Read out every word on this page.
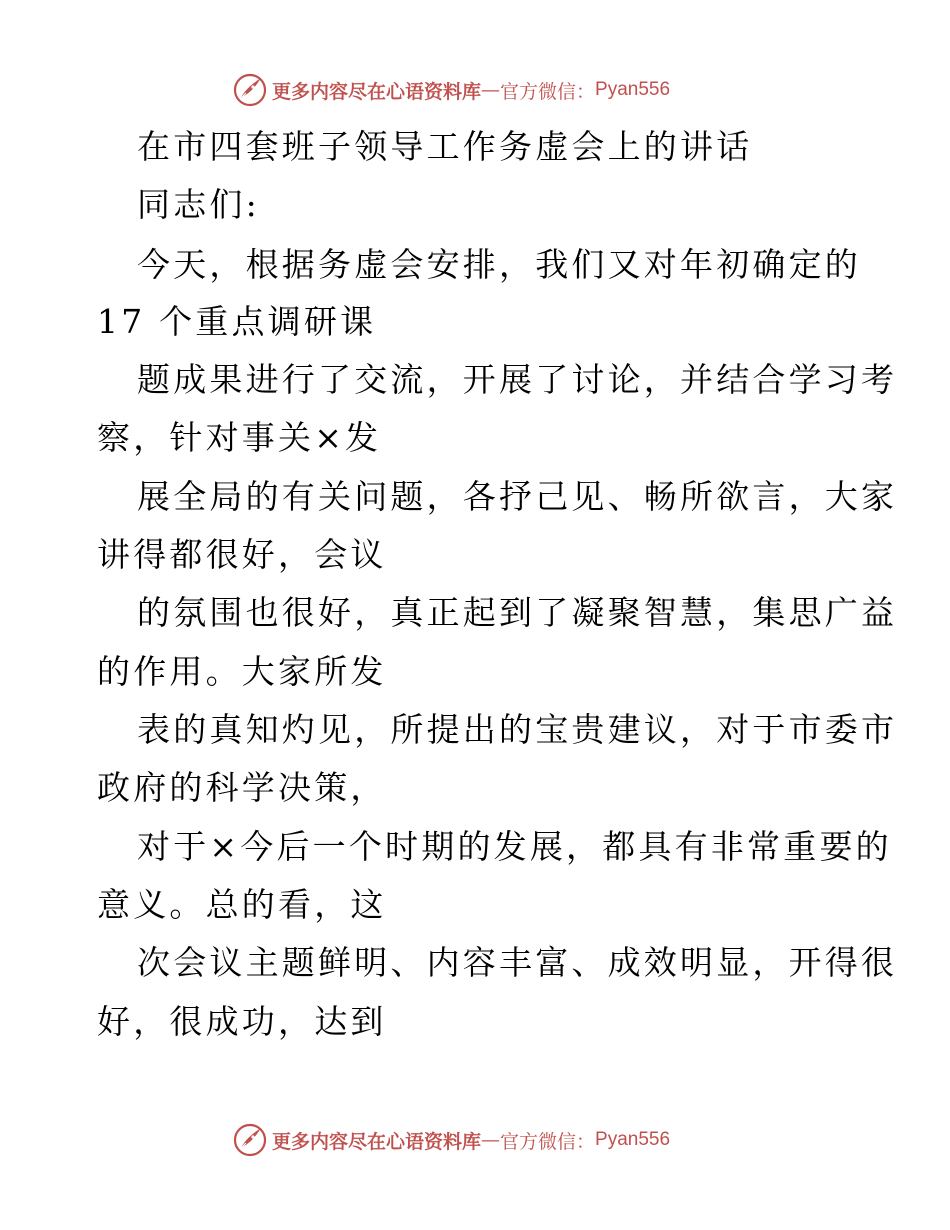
更多内容尽在心语资料库 — 官方微信： Pyan556
在市四套班子领导工作务虚会上的讲话
同志们:
今天，根据务虚会安排，我们又对年初确定的
17 个重点调研课
题成果进行了交流，开展了讨论，并结合学习考
察，针对事关×发
展全局的有关问题，各抒己见、畅所欲言，大家
讲得都很好，会议
的氛围也很好，真正起到了凝聚智慧，集思广益
的作用。大家所发
表的真知灼见，所提出的宝贵建议，对于市委市
政府的科学决策，
对于×今后一个时期的发展，都具有非常重要的
意义。总的看，这
次会议主题鲜明、内容丰富、成效明显，开得很
好，很成功，达到
更多内容尽在心语资料库 — 官方微信： Pyan556
